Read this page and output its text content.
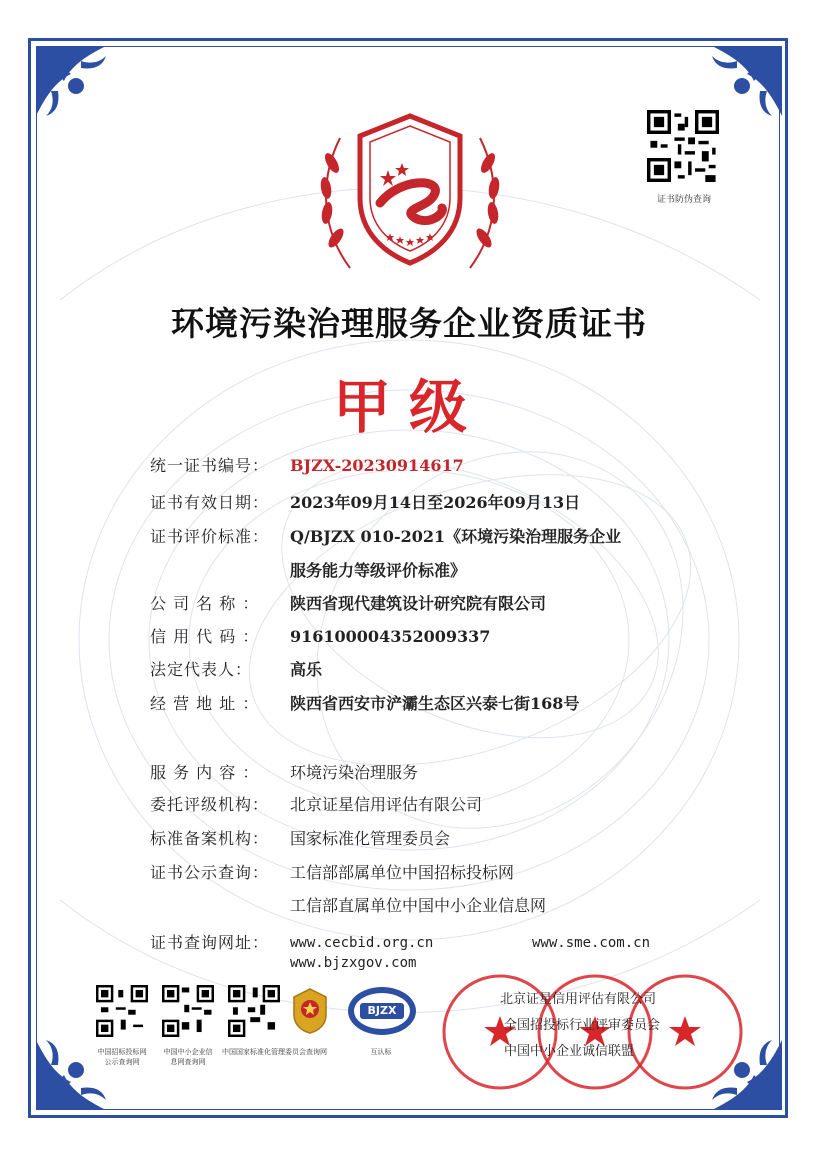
证书防伪查询
环境污染治理服务企业资质证书
甲级
统一证书编号：	BJZX-20230914617
证书有效日期：	2023年09月14日至2026年09月13日
证书评价标准：	Q/BJZX 010-2021《环境污染治理服务企业
服务能力等级评价标准》
公 司 名 称 ：	陕西省现代建筑设计研究院有限公司
信 用 代 码 ：	916100004352009337
法定代表人：	高乐
经 营 地 址 ：	陕西省西安市浐灞生态区兴泰七街168号
服 务 内 容 ：	环境污染治理服务
委托评级机构：	北京证星信用评估有限公司
标准备案机构：	国家标准化管理委员会
证书公示查询：	工信部部属单位中国招标投标网
工信部直属单位中国中小企业信息网
证书查询网址：	www.cecbid.org.cn	www.sme.com.cn
www.bjzxgov.com
中国招标投标网
公示查询网
中国中小企业信
息网查询网
中国国家标准化管理委员会查询网
BJZX
互认标
北京证星信用评估有限公司
全国招投标行业评审委员会
中国中小企业诚信联盟
